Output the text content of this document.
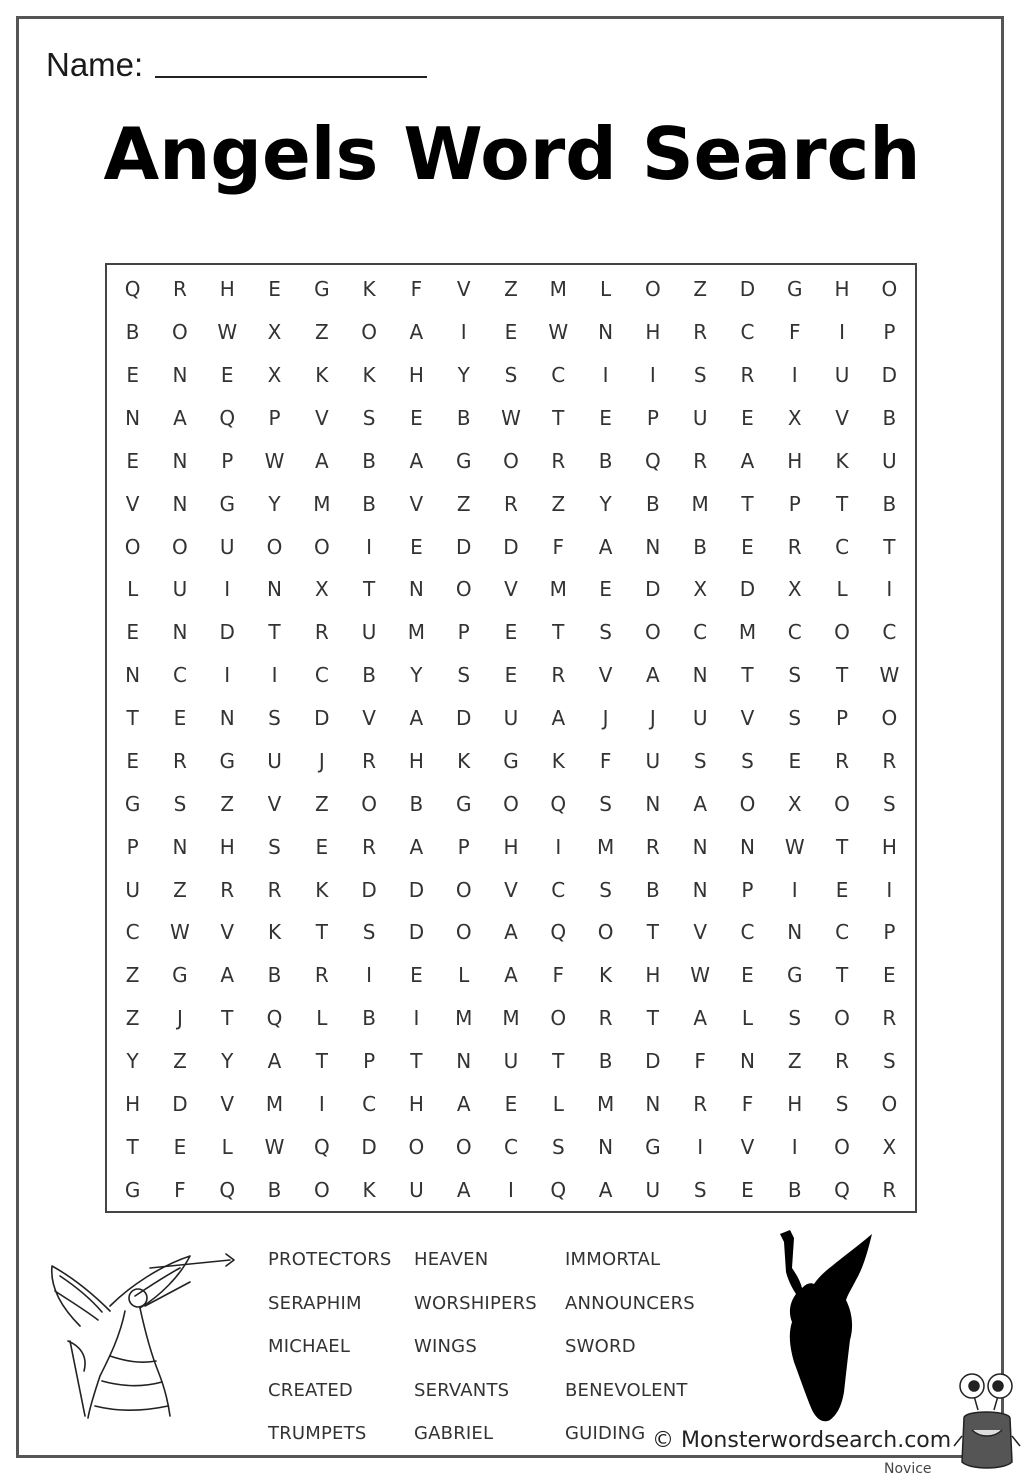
Name:
Angels Word Search
Q	R	H	E	G	K	F	V	Z	M	L	O	Z	D	G	H	O
B	O	W	X	Z	O	A	I	E	W	N	H	R	C	F	I	P
E	N	E	X	K	K	H	Y	S	C	I	I	S	R	I	U	D
N	A	Q	P	V	S	E	B	W	T	E	P	U	E	X	V	B
E	N	P	W	A	B	A	G	O	R	B	Q	R	A	H	K	U
V	N	G	Y	M	B	V	Z	R	Z	Y	B	M	T	P	T	B
O	O	U	O	O	I	E	D	D	F	A	N	B	E	R	C	T
L	U	I	N	X	T	N	O	V	M	E	D	X	D	X	L	I
E	N	D	T	R	U	M	P	E	T	S	O	C	M	C	O	C
N	C	I	I	C	B	Y	S	E	R	V	A	N	T	S	T	W
T	E	N	S	D	V	A	D	U	A	J	J	U	V	S	P	O
E	R	G	U	J	R	H	K	G	K	F	U	S	S	E	R	R
G	S	Z	V	Z	O	B	G	O	Q	S	N	A	O	X	O	S
P	N	H	S	E	R	A	P	H	I	M	R	N	N	W	T	H
U	Z	R	R	K	D	D	O	V	C	S	B	N	P	I	E	I
C	W	V	K	T	S	D	O	A	Q	O	T	V	C	N	C	P
Z	G	A	B	R	I	E	L	A	F	K	H	W	E	G	T	E
Z	J	T	Q	L	B	I	M	M	O	R	T	A	L	S	O	R
Y	Z	Y	A	T	P	T	N	U	T	B	D	F	N	Z	R	S
H	D	V	M	I	C	H	A	E	L	M	N	R	F	H	S	O
T	E	L	W	Q	D	O	O	C	S	N	G	I	V	I	O	X
G	F	Q	B	O	K	U	A	I	Q	A	U	S	E	B	Q	R
PROTECTORS	HEAVEN	IMMORTAL
SERAPHIM	WORSHIPERS	ANNOUNCERS
MICHAEL	WINGS	SWORD
CREATED	SERVANTS	BENEVOLENT
TRUMPETS	GABRIEL	GUIDING © Monsterwordsearch.com
Novice
